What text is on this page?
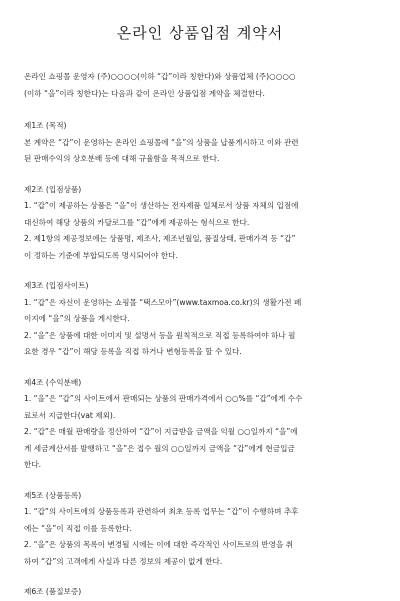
온라인 상품입점 계약서
온라인 쇼핑몰 운영자 (주)○○○○(이하 “갑”이라 칭한다)와 상품업체 (주)○○○○
(이하 “을”이라 칭한다)는 다음과 같이 온라인 상품입점 계약을 체결한다.
제1조 (목적)
본 계약은 “갑”이 운영하는 온라인 쇼핑몰에 “을”의 상품을 납품게시하고 이와 관련
된 판매수익의 상호분배 등에 대해 규율함을 목적으로 한다.
제2조 (입점상품)
1. “갑”이 제공하는 상품은 “을”이 생산하는 전자제품 일체로서 상품 자체의 입점에
대신하여 해당 상품의 카달로그를 “갑”에게 제공하는 형식으로 한다.
2. 제1항의 제공정보에는 상품명, 제조사, 제조년월일, 품질상태, 판매가격 등 “갑”
이 정하는 기준에 부합되도록 명시되어야 한다.
제3조 (입점사이트)
1. “갑”은 자신이 운영하는 쇼핑몰 “택스모아”(www.taxmoa.co.kr)의 생활가전 페
이지에 “을”의 상품을 게시한다.
2. “을”은 상품에 대한 이미지 및 설명서 등을 원칙적으로 직접 등록하여야 하나 필
요한 경우 “갑”이 해당 등록을 직접 하거나 변형등록을 할 수 있다.
제4조 (수익분배)
1. “을”은 “갑”의 사이트에서 판매되는 상품의 판매가격에서 ○○%를 “갑”에게 수수
료로서 지급한다(vat 제외).
2. “갑”은 매월 판매량을 정산하여 “갑”이 지급받을 금액을 익월 ○○일까지 “을”에
게 세금계산서를 발행하고 “을”은 접수 월의 ○○일까지 금액을 “갑”에게 현금입금
한다.
제5조 (상품등록)
1. “갑”의 사이트에의 상품등록과 관련하여 최초 등록 업무는 “갑”이 수행하며 추후
에는 “을”이 직접 이를 등록한다.
2. “을”은 상품의 목록이 변경될 시에는 이에 대한 즉각적인 사이트로의 반영을 취
하여 “갑”의 고객에게 사실과 다른 정보의 제공이 없게 한다.
제6조 (품질보증)
